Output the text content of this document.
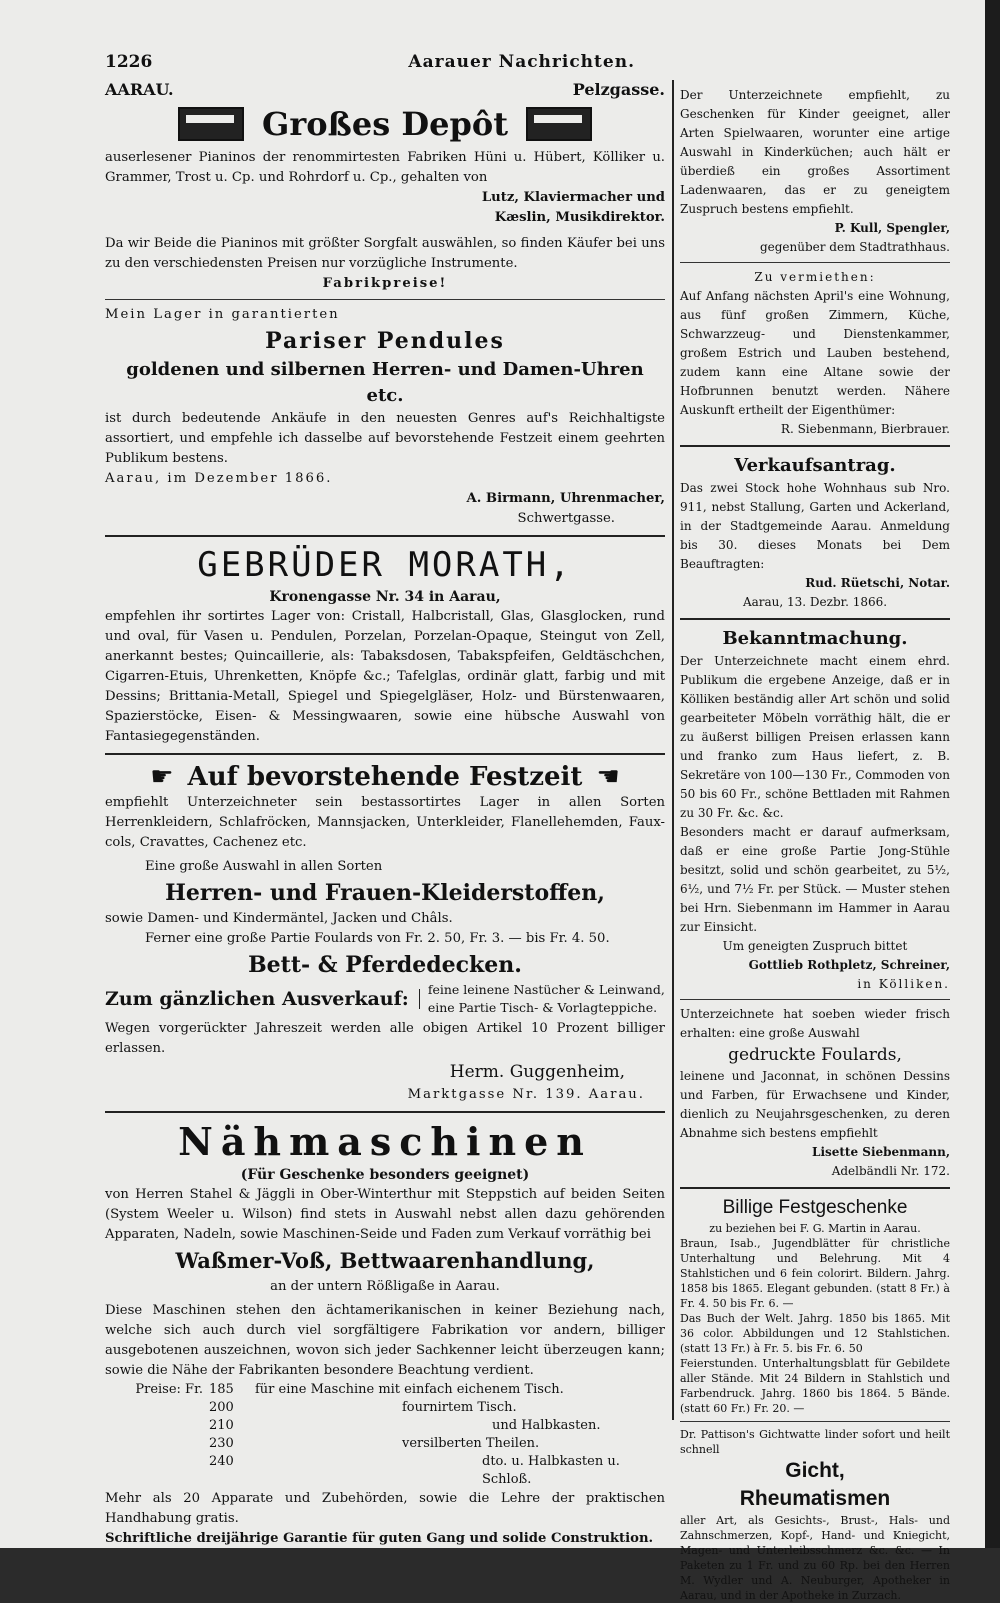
1226	Aarauer Nachrichten.
AARAU.	Pelzgasse.
Großes Depôt

auserlesener Pianinos der renommirtesten Fabriken Hüni u. Hübert, Kölliker u. Grammer, Trost u. Cp. und Rohrdorf u. Cp., gehalten von

Lutz, Klaviermacher und

Kæslin, Musikdirektor.

Da wir Beide die Pianinos mit größter Sorgfalt auswählen, so finden Käufer bei uns zu den verschiedensten Preisen nur vorzügliche Instrumente.

Fabrikpreise!

Mein Lager in garantierten

Pariser Pendules

goldenen und silbernen Herren- und Damen-Uhren etc.

ist durch bedeutende Ankäufe in den neuesten Genres auf's Reichhaltigste assortiert, und empfehle ich dasselbe auf bevorstehende Festzeit einem geehrten Publikum bestens.

Aarau, im Dezember 1866.

A. Birmann, Uhrenmacher,

Schwertgasse.

GEBRÜDER MORATH,

Kronengasse Nr. 34 in Aarau,

empfehlen ihr sortirtes Lager von: Cristall, Halbcristall, Glas, Glasglocken, rund und oval, für Vasen u. Pendulen, Porzelan, Porzelan-Opaque, Steingut von Zell, anerkannt bestes; Quincaillerie, als: Tabaksdosen, Tabakspfeifen, Geldtäschchen, Cigarren-Etuis, Uhrenketten, Knöpfe &c.; Tafelglas, ordinär glatt, farbig und mit Dessins; Brittania-Metall, Spiegel und Spiegelgläser, Holz- und Bürstenwaaren, Spazierstöcke, Eisen- & Messingwaaren, sowie eine hübsche Auswahl von Fantasiegegenständen.

☛ Auf bevorstehende Festzeit ☚

empfiehlt Unterzeichneter sein bestassortirtes Lager in allen Sorten Herrenkleidern, Schlafröcken, Mannsjacken, Unterkleider, Flanellehemden, Faux-cols, Cravattes, Cachenez etc.

Eine große Auswahl in allen Sorten

Herren- und Frauen-Kleiderstoffen,

sowie Damen- und Kindermäntel, Jacken und Châls.

Ferner eine große Partie Foulards von Fr. 2. 50, Fr. 3. — bis Fr. 4. 50.

Bett- & Pferdedecken.

Zum gänzlichen Ausverkauf:	feine leinene Nastücher & Leinwand, eine Partie Tisch- & Vorlagteppiche.

Wegen vorgerückter Jahreszeit werden alle obigen Artikel 10 Prozent billiger erlassen.

Herm. Guggenheim,

Marktgasse Nr. 139. Aarau.

Nähmaschinen

(Für Geschenke besonders geeignet)

von Herren Stahel & Jäggli in Ober-Winterthur mit Steppstich auf beiden Seiten (System Weeler u. Wilson) find stets in Auswahl nebst allen dazu gehörenden Apparaten, Nadeln, sowie Maschinen-Seide und Faden zum Verkauf vorräthig bei

Waßmer-Voß, Bettwaarenhandlung,

an der untern Rößligaße in Aarau.

Diese Maschinen stehen den ächtamerikanischen in keiner Beziehung nach, welche sich auch durch viel sorgfältigere Fabrikation vor andern, billiger ausgebotenen auszeichnen, wovon sich jeder Sachkenner leicht überzeugen kann; sowie die Nähe der Fabrikanten besondere Beachtung verdient.

Preise: Fr.	185	für eine Maschine mit einfach eichenem Tisch.
	200	fournirtem Tisch.
	210	und Halbkasten.
	230	versilberten Theilen.
	240	dto. u. Halbkasten u. Schloß.

Mehr als 20 Apparate und Zubehörden, sowie die Lehre der praktischen Handhabung gratis.

Schriftliche dreijährige Garantie für guten Gang und solide Construktion.

Der Unterzeichnete empfiehlt, zu Geschenken für Kinder geeignet, aller Arten Spielwaaren, worunter eine artige Auswahl in Kinderküchen; auch hält er überdieß ein großes Assortiment Ladenwaaren, das er zu geneigtem Zuspruch bestens empfiehlt.

P. Kull, Spengler,

gegenüber dem Stadtrathhaus.

Zu vermiethen:

Auf Anfang nächsten April's eine Wohnung, aus fünf großen Zimmern, Küche, Schwarzzeug- und Dienstenkammer, großem Estrich und Lauben bestehend, zudem kann eine Altane sowie der Hofbrunnen benutzt werden. Nähere Auskunft ertheilt der Eigenthümer:

R. Siebenmann, Bierbrauer.

Verkaufsantrag.

Das zwei Stock hohe Wohnhaus sub Nro. 911, nebst Stallung, Garten und Ackerland, in der Stadtgemeinde Aarau. Anmeldung bis 30. dieses Monats bei Dem Beauftragten:

Rud. Rüetschi, Notar.

Aarau, 13. Dezbr. 1866.

Bekanntmachung.

Der Unterzeichnete macht einem ehrd. Publikum die ergebene Anzeige, daß er in Kölliken beständig aller Art schön und solid gearbeiteter Möbeln vorräthig hält, die er zu äußerst billigen Preisen erlassen kann und franko zum Haus liefert, z. B. Sekretäre von 100—130 Fr., Commoden von 50 bis 60 Fr., schöne Bettladen mit Rahmen zu 30 Fr. &c. &c.

Besonders macht er darauf aufmerksam, daß er eine große Partie Jong-Stühle besitzt, solid und schön gearbeitet, zu 5½, 6½, und 7½ Fr. per Stück. — Muster stehen bei Hrn. Siebenmann im Hammer in Aarau zur Einsicht.

Um geneigten Zuspruch bittet

Gottlieb Rothpletz, Schreiner,

in Kölliken.

Unterzeichnete hat soeben wieder frisch erhalten: eine große Auswahl

gedruckte Foulards,

leinene und Jaconnat, in schönen Dessins und Farben, für Erwachsene und Kinder, dienlich zu Neujahrsgeschenken, zu deren Abnahme sich bestens empfiehlt

Lisette Siebenmann,

Adelbändli Nr. 172.

Billige Festgeschenke

zu beziehen bei F. G. Martin in Aarau.

Braun, Isab., Jugendblätter für christliche Unterhaltung und Belehrung. Mit 4 Stahlstichen und 6 fein colorirt. Bildern. Jahrg. 1858 bis 1865. Elegant gebunden. (statt 8 Fr.) à Fr. 4. 50 bis Fr. 6. —

Das Buch der Welt. Jahrg. 1850 bis 1865. Mit 36 color. Abbildungen und 12 Stahlstichen. (statt 13 Fr.) à Fr. 5. bis Fr. 6. 50

Feierstunden. Unterhaltungsblatt für Gebildete aller Stände. Mit 24 Bildern in Stahlstich und Farbendruck. Jahrg. 1860 bis 1864. 5 Bände. (statt 60 Fr.) Fr. 20. —

Dr. Pattison's Gichtwatte linder sofort und heilt schnell

Gicht,

Rheumatismen

aller Art, als Gesichts-, Brust-, Hals- und Zahnschmerzen, Kopf-, Hand- und Kniegicht, Magen- und Unterleibsschmerz &c. &c. — In Paketen zu 1 Fr. und zu 60 Rp. bei den Herren M. Wydler und A. Neuburger, Apotheker in Aarau, und in der Apotheke in Zurzach.
